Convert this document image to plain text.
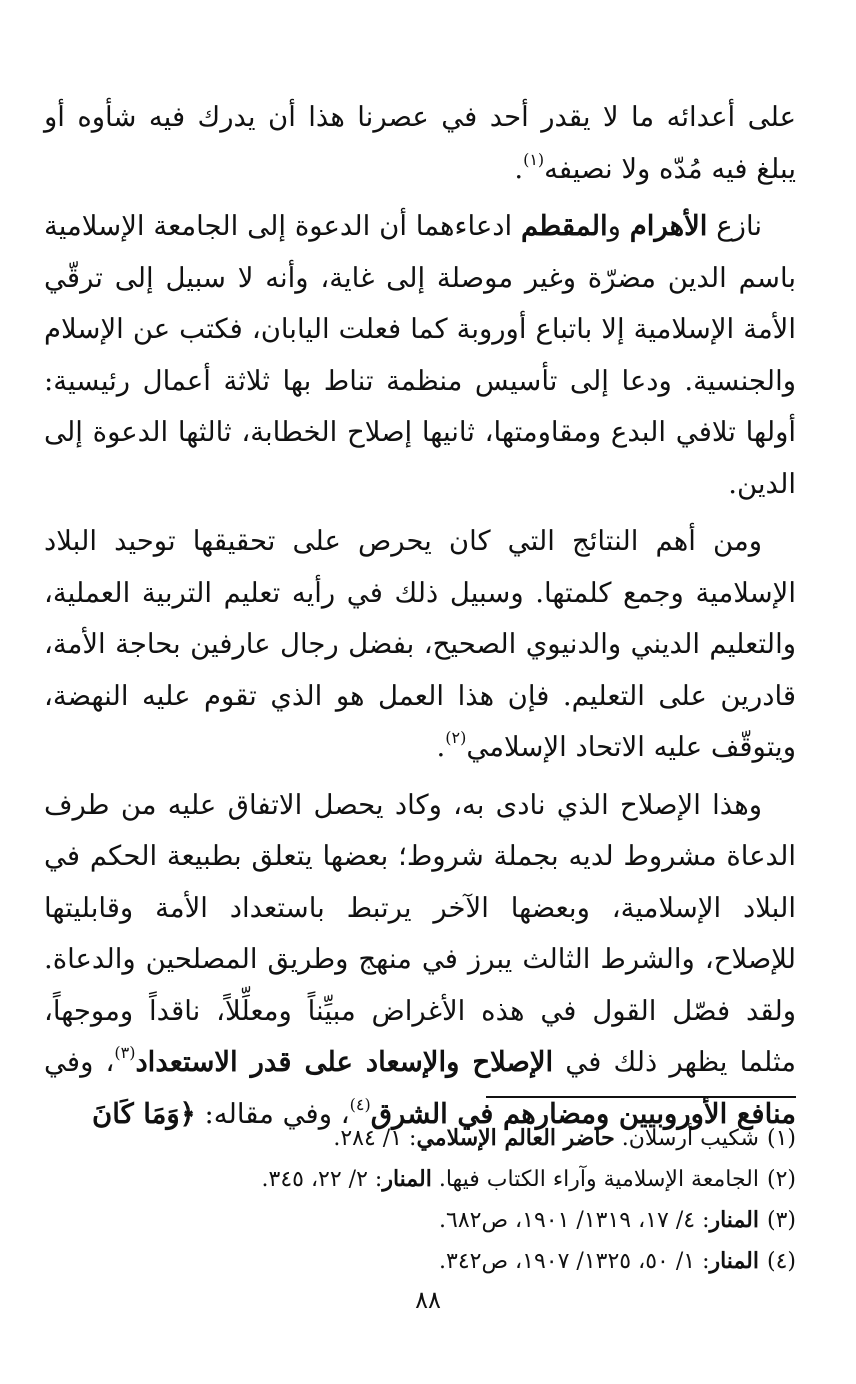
على أعدائه ما لا يقدر أحد في عصرنا هذا أن يدرك فيه شأوه أو يبلغ فيه مُدّه ولا نصيفه$^{(١)}$.

نازع الأهرام والمقطم ادعاءهما أن الدعوة إلى الجامعة الإسلامية باسم الدين مضرّة وغير موصلة إلى غاية، وأنه لا سبيل إلى ترقّي الأمة الإسلامية إلا باتباع أوروبة كما فعلت اليابان، فكتب عن الإسلام والجنسية. ودعا إلى تأسيس منظمة تناط بها ثلاثة أعمال رئيسية: أولها تلافي البدع ومقاومتها، ثانيها إصلاح الخطابة، ثالثها الدعوة إلى الدين.

ومن أهم النتائج التي كان يحرص على تحقيقها توحيد البلاد الإسلامية وجمع كلمتها. وسبيل ذلك في رأيه تعليم التربية العملية، والتعليم الديني والدنيوي الصحيح، بفضل رجال عارفين بحاجة الأمة، قادرين على التعليم. فإن هذا العمل هو الذي تقوم عليه النهضة، ويتوقّف عليه الاتحاد الإسلامي$^{(٢)}$.

وهذا الإصلاح الذي نادى به، وكاد يحصل الاتفاق عليه من طرف الدعاة مشروط لديه بجملة شروط؛ بعضها يتعلق بطبيعة الحكم في البلاد الإسلامية، وبعضها الآخر يرتبط باستعداد الأمة وقابليتها للإصلاح، والشرط الثالث يبرز في منهج وطريق المصلحين والدعاة. ولقد فصّل القول في هذه الأغراض مبيِّناً ومعلِّلاً، ناقداً وموجهاً، مثلما يظهر ذلك في الإصلاح والإسعاد على قدر الاستعداد$^{(٣)}$، وفي منافع الأوروبيين ومضارهم في الشرق$^{(٤)}$، وفي مقاله: ﴿وَمَا كَانَ

(١)شكيب أرسلان. حاضر العالم الإسلامي: ١/ ٢٨٤.

(٢)الجامعة الإسلامية وآراء الكتاب فيها. المنار: ٢/ ٢٢، ٣٤٥.

(٣)المنار: ٤/ ١٧، ١٣١٩/ ١٩٠١، ص٦٨٢.

(٤)المنار: ١/ ٥٠، ١٣٢٥/ ١٩٠٧، ص٣٤٢.

٨٨
